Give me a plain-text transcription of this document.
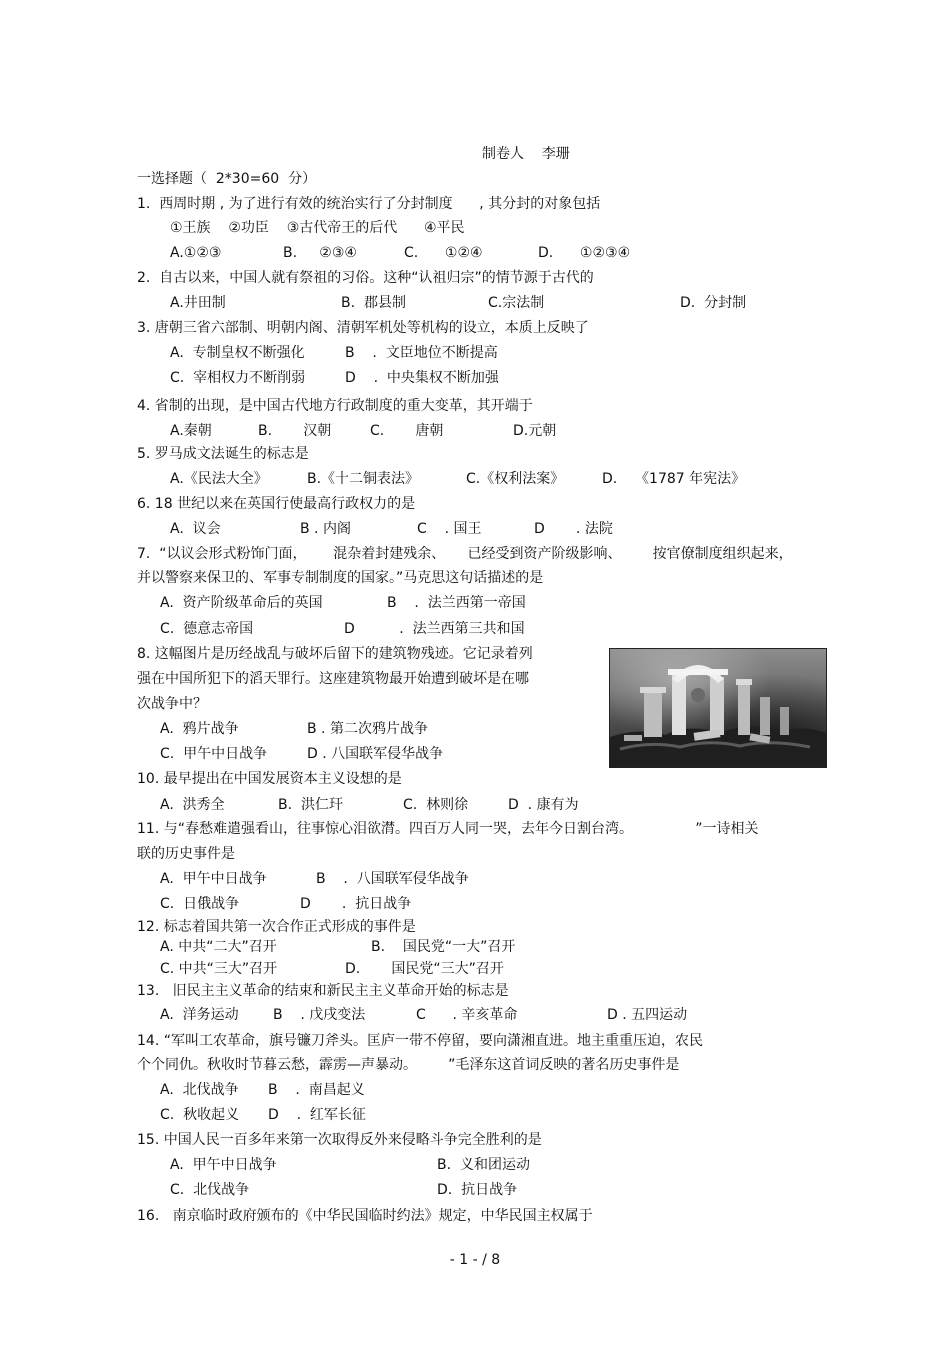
制卷人    李珊
一选择题（  2*30=60  分）
1.  西周时期 , 为了进行有效的统治实行了分封制度      , 其分封的对象包括
①王族    ②功臣    ③古代帝王的后代      ④平民
A.①②③	B.     ②③④	C.      ①②④	D.      ①②③④
2.  自古以来，中国人就有祭祖的习俗。这种“认祖归宗”的情节源于古代的
A.井田制	B.  郡县制	C.宗法制	D.  分封制
3. 唐朝三省六部制、明朝内阁、清朝军机处等机构的设立，本质上反映了
A.  专制皇权不断强化	B    .  文臣地位不断提高
C.  宰相权力不断削弱	D    .  中央集权不断加强
4. 省制的出现，是中国古代地方行政制度的重大变革，其开端于
A.秦朝	B.       汉朝	C.       唐朝	D.元朝
5. 罗马成文法诞生的标志是
A.《民法大全》	B.《十二铜表法》	C.《权利法案》	D.    《1787 年宪法》
6. 18 世纪以来在英国行使最高行政权力的是
A.  议会	B . 内阁	C    . 国王	D       . 法院
7.  “以议会形式粉饰门面，      混杂着封建残余、     已经受到资产阶级影响、       按官僚制度组织起来，
并以警察来保卫的、军事专制制度的国家。”马克思这句话描述的是
A.  资产阶级革命后的英国	B    .  法兰西第一帝国
C.  德意志帝国	D          .  法兰西第三共和国
8. 这幅图片是历经战乱与破坏后留下的建筑物残迹。它记录着列
强在中国所犯下的滔天罪行。这座建筑物最开始遭到破坏是在哪
次战争中？
A.  鸦片战争	B . 第二次鸦片战争
C.  甲午中日战争	D . 八国联军侵华战争
10. 最早提出在中国发展资本主义设想的是
A.  洪秀全	B.  洪仁玕	C.  林则徐	D  . 康有为
11. 与“春愁难遣强看山，往事惊心泪欲潸。四百万人同一哭，去年今日割台湾。              ”一诗相关
联的历史事件是
A.  甲午中日战争	B    .  八国联军侵华战争
C.  日俄战争	D       .  抗日战争
12. 标志着国共第一次合作正式形成的事件是
A. 中共“二大”召开	B.    国民党“一大”召开
C. 中共“三大”召开	D.       国民党“三大”召开
13.   旧民主主义革命的结束和新民主主义革命开始的标志是
A.  洋务运动 B    . 戊戌变法	C      . 辛亥革命	D . 五四运动
14. “军叫工农革命，旗号镰刀斧头。匡庐一带不停留，要向潇湘直进。地主重重压迫，农民
个个同仇。秋收时节暮云愁，霹雳—声暴动。       ”毛泽东这首词反映的著名历史事件是
A.  北伐战争 B    .  南昌起义
C.  秋收起义 D    .  红军长征
15. 中国人民一百多年来第一次取得反外来侵略斗争完全胜利的是
A.  甲午中日战争	B.  义和团运动
C.  北伐战争	D.  抗日战争
16.   南京临时政府颁布的《中华民国临时约法》规定，中华民国主权属于
- 1 - / 8
